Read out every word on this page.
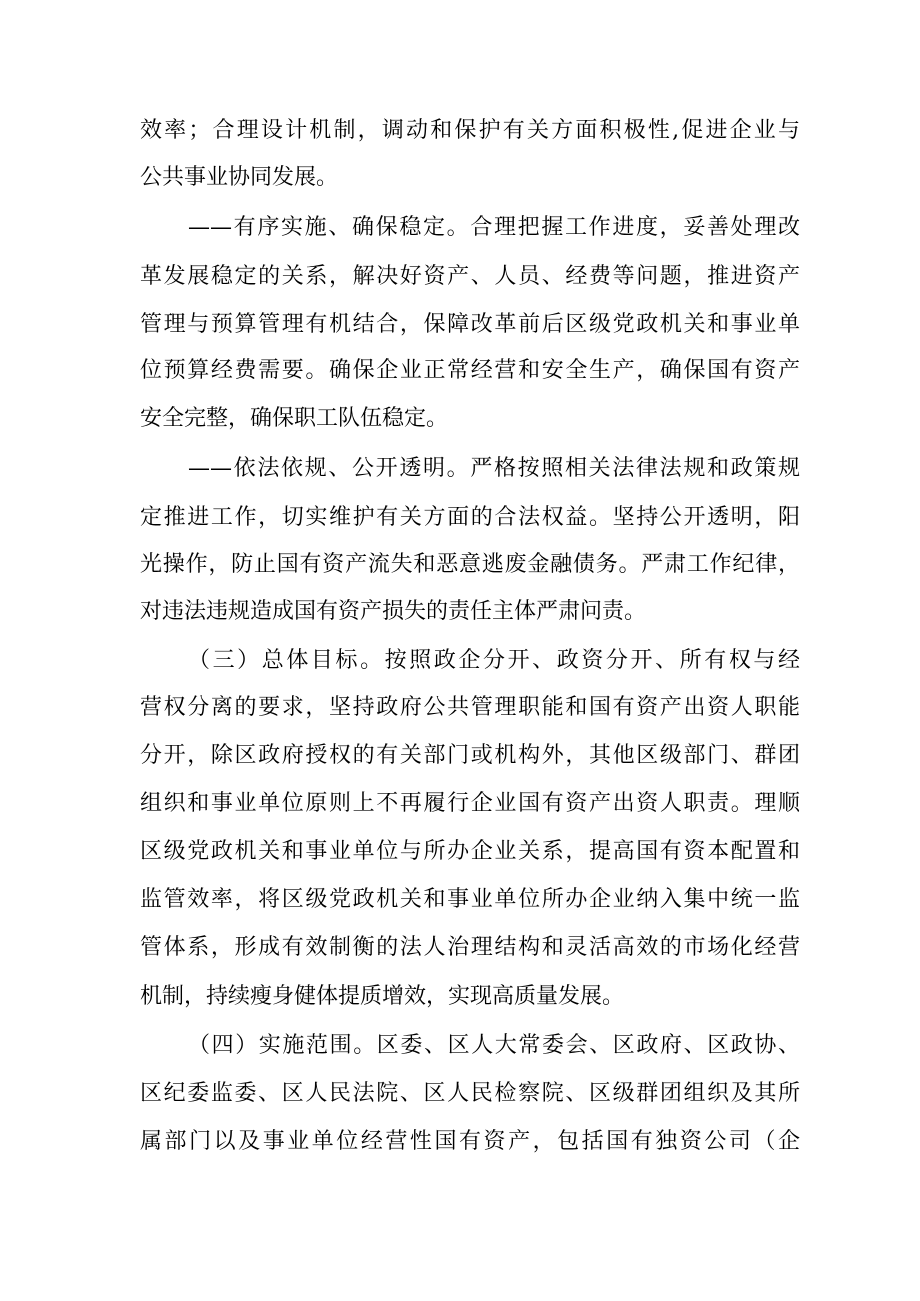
效率；合理设计机制，调动和保护有关方面积极性,促进企业与
公共事业协同发展。
——有序实施、确保稳定。合理把握工作进度，妥善处理改
革发展稳定的关系，解决好资产、人员、经费等问题，推进资产
管理与预算管理有机结合，保障改革前后区级党政机关和事业单
位预算经费需要。确保企业正常经营和安全生产，确保国有资产
安全完整，确保职工队伍稳定。
——依法依规、公开透明。严格按照相关法律法规和政策规
定推进工作，切实维护有关方面的合法权益。坚持公开透明，阳
光操作，防止国有资产流失和恶意逃废金融债务。严肃工作纪律，
对违法违规造成国有资产损失的责任主体严肃问责。
（三）总体目标。按照政企分开、政资分开、所有权与经
营权分离的要求，坚持政府公共管理职能和国有资产出资人职能
分开，除区政府授权的有关部门或机构外，其他区级部门、群团
组织和事业单位原则上不再履行企业国有资产出资人职责。理顺
区级党政机关和事业单位与所办企业关系，提高国有资本配置和
监管效率，将区级党政机关和事业单位所办企业纳入集中统一监
管体系，形成有效制衡的法人治理结构和灵活高效的市场化经营
机制，持续瘦身健体提质增效，实现高质量发展。
（四）实施范围。区委、区人大常委会、区政府、区政协、
区纪委监委、区人民法院、区人民检察院、区级群团组织及其所
属部门以及事业单位经营性国有资产，包括国有独资公司（企
